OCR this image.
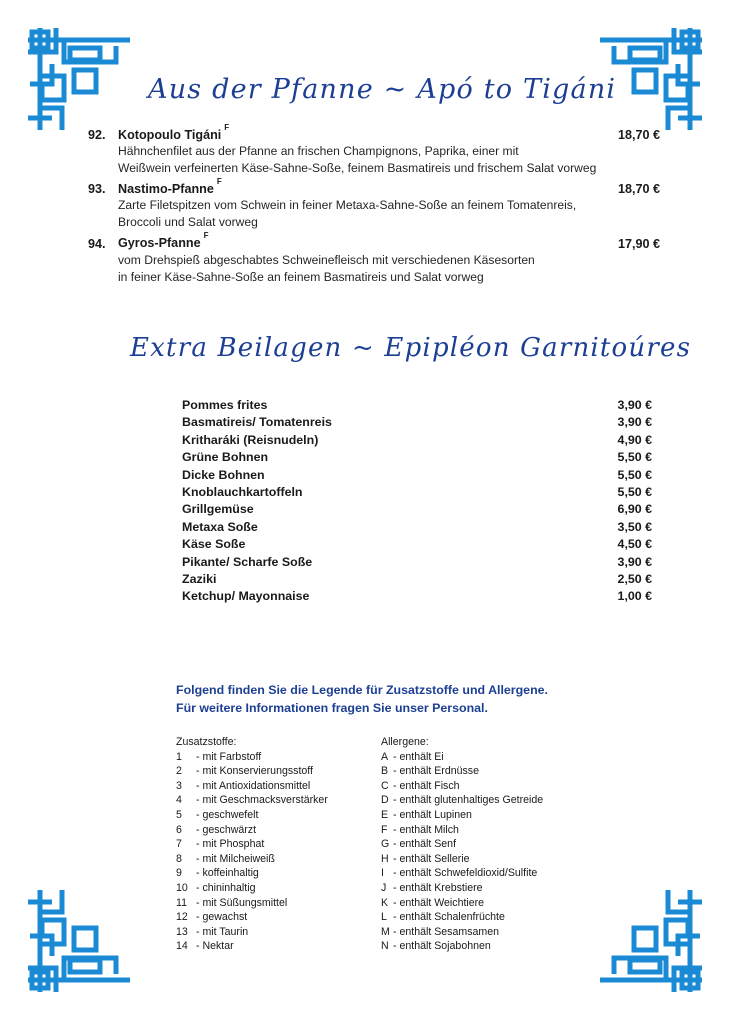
Aus der Pfanne ~ Apó to Tigáni
92. Kotopoulo Tigáni$^F$
18,70 €
Hähnchenfilet aus der Pfanne an frischen Champignons, Paprika, einer mit
Weißwein verfeinerten Käse-Sahne-Soße, feinem Basmatireis und frischem Salat vorweg
93. Nastimo-Pfanne$^F$
18,70 €
Zarte Filetspitzen vom Schwein in feiner Metaxa-Sahne-Soße an feinem Tomatenreis,
Broccoli und Salat vorweg
94. Gyros-Pfanne$^F$
17,90 €
vom Drehspieß abgeschabtes Schweinefleisch mit verschiedenen Käsesorten
in feiner Käse-Sahne-Soße an feinem Basmatireis und Salat vorweg
Extra Beilagen ~ Epipléon Garnitoúres
Pommes frites	3,90 €
Basmatireis/ Tomatenreis	3,90 €
Kritharáki (Reisnudeln)	4,90 €
Grüne Bohnen	5,50 €
Dicke Bohnen	5,50 €
Knoblauchkartoffeln	5,50 €
Grillgemüse	6,90 €
Metaxa Soße	3,50 €
Käse Soße	4,50 €
Pikante/ Scharfe Soße	3,90 €
Zaziki	2,50 €
Ketchup/ Mayonnaise	1,00 €
Folgend finden Sie die Legende für Zusatzstoffe und Allergene.
Für weitere Informationen fragen Sie unser Personal.
Zusatzstoffe:
1	- mit Farbstoff
2	- mit Konservierungsstoff
3	- mit Antioxidationsmittel
4	- mit Geschmacksverstärker
5	- geschwefelt
6	- geschwärzt
7	- mit Phosphat
8	- mit Milcheiweiß
9	- koffeinhaltig
10 - chininhaltig
11 - mit Süßungsmittel
12 - gewachst
13 - mit Taurin
14 - Nektar
Allergene:
A - enthält Ei
B - enthält Erdnüsse
C - enthält Fisch
D - enthält glutenhaltiges Getreide
E - enthält Lupinen
F - enthält Milch
G - enthält Senf
H - enthält Sellerie
I - enthält Schwefeldioxid/Sulfite
J - enthält Krebstiere
K - enthält Weichtiere
L - enthält Schalenfrüchte
M - enthält Sesamsamen
N - enthält Sojabohnen
